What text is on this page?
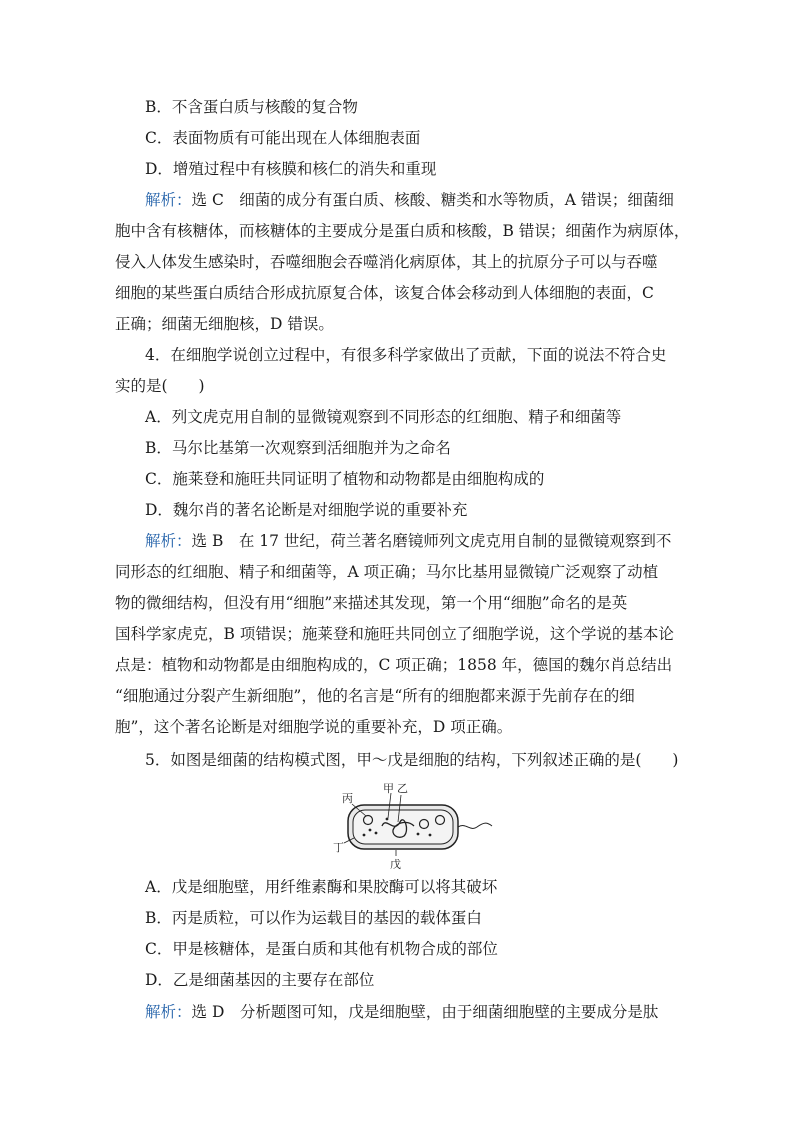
B．不含蛋白质与核酸的复合物
C．表面物质有可能出现在人体细胞表面
D．增殖过程中有核膜和核仁的消失和重现
解析：选 C　细菌的成分有蛋白质、核酸、糖类和水等物质，A 错误；细菌细
胞中含有核糖体，而核糖体的主要成分是蛋白质和核酸，B 错误；细菌作为病原体，
侵入人体发生感染时，吞噬细胞会吞噬消化病原体，其上的抗原分子可以与吞噬
细胞的某些蛋白质结合形成抗原复合体，该复合体会移动到人体细胞的表面，C
正确；细菌无细胞核，D 错误。
4．在细胞学说创立过程中，有很多科学家做出了贡献，下面的说法不符合史
实的是(　　)
A．列文虎克用自制的显微镜观察到不同形态的红细胞、精子和细菌等
B．马尔比基第一次观察到活细胞并为之命名
C．施莱登和施旺共同证明了植物和动物都是由细胞构成的
D．魏尔肖的著名论断是对细胞学说的重要补充
解析：选 B　在 17 世纪，荷兰著名磨镜师列文虎克用自制的显微镜观察到不
同形态的红细胞、精子和细菌等，A 项正确；马尔比基用显微镜广泛观察了动植
物的微细结构，但没有用“细胞”来描述其发现，第一个用“细胞”命名的是英
国科学家虎克，B 项错误；施莱登和施旺共同创立了细胞学说，这个学说的基本论
点是：植物和动物都是由细胞构成的，C 项正确；1858 年，德国的魏尔肖总结出
“细胞通过分裂产生新细胞”，他的名言是“所有的细胞都来源于先前存在的细
胞”，这个著名论断是对细胞学说的重要补充，D 项正确。
5．如图是细菌的结构模式图，甲～戊是细胞的结构，下列叙述正确的是(　　)
丙
甲 乙
丁
戊
A．戊是细胞壁，用纤维素酶和果胶酶可以将其破坏
B．丙是质粒，可以作为运载目的基因的载体蛋白
C．甲是核糖体，是蛋白质和其他有机物合成的部位
D．乙是细菌基因的主要存在部位
解析：选 D　分析题图可知，戊是细胞壁，由于细菌细胞壁的主要成分是肽
